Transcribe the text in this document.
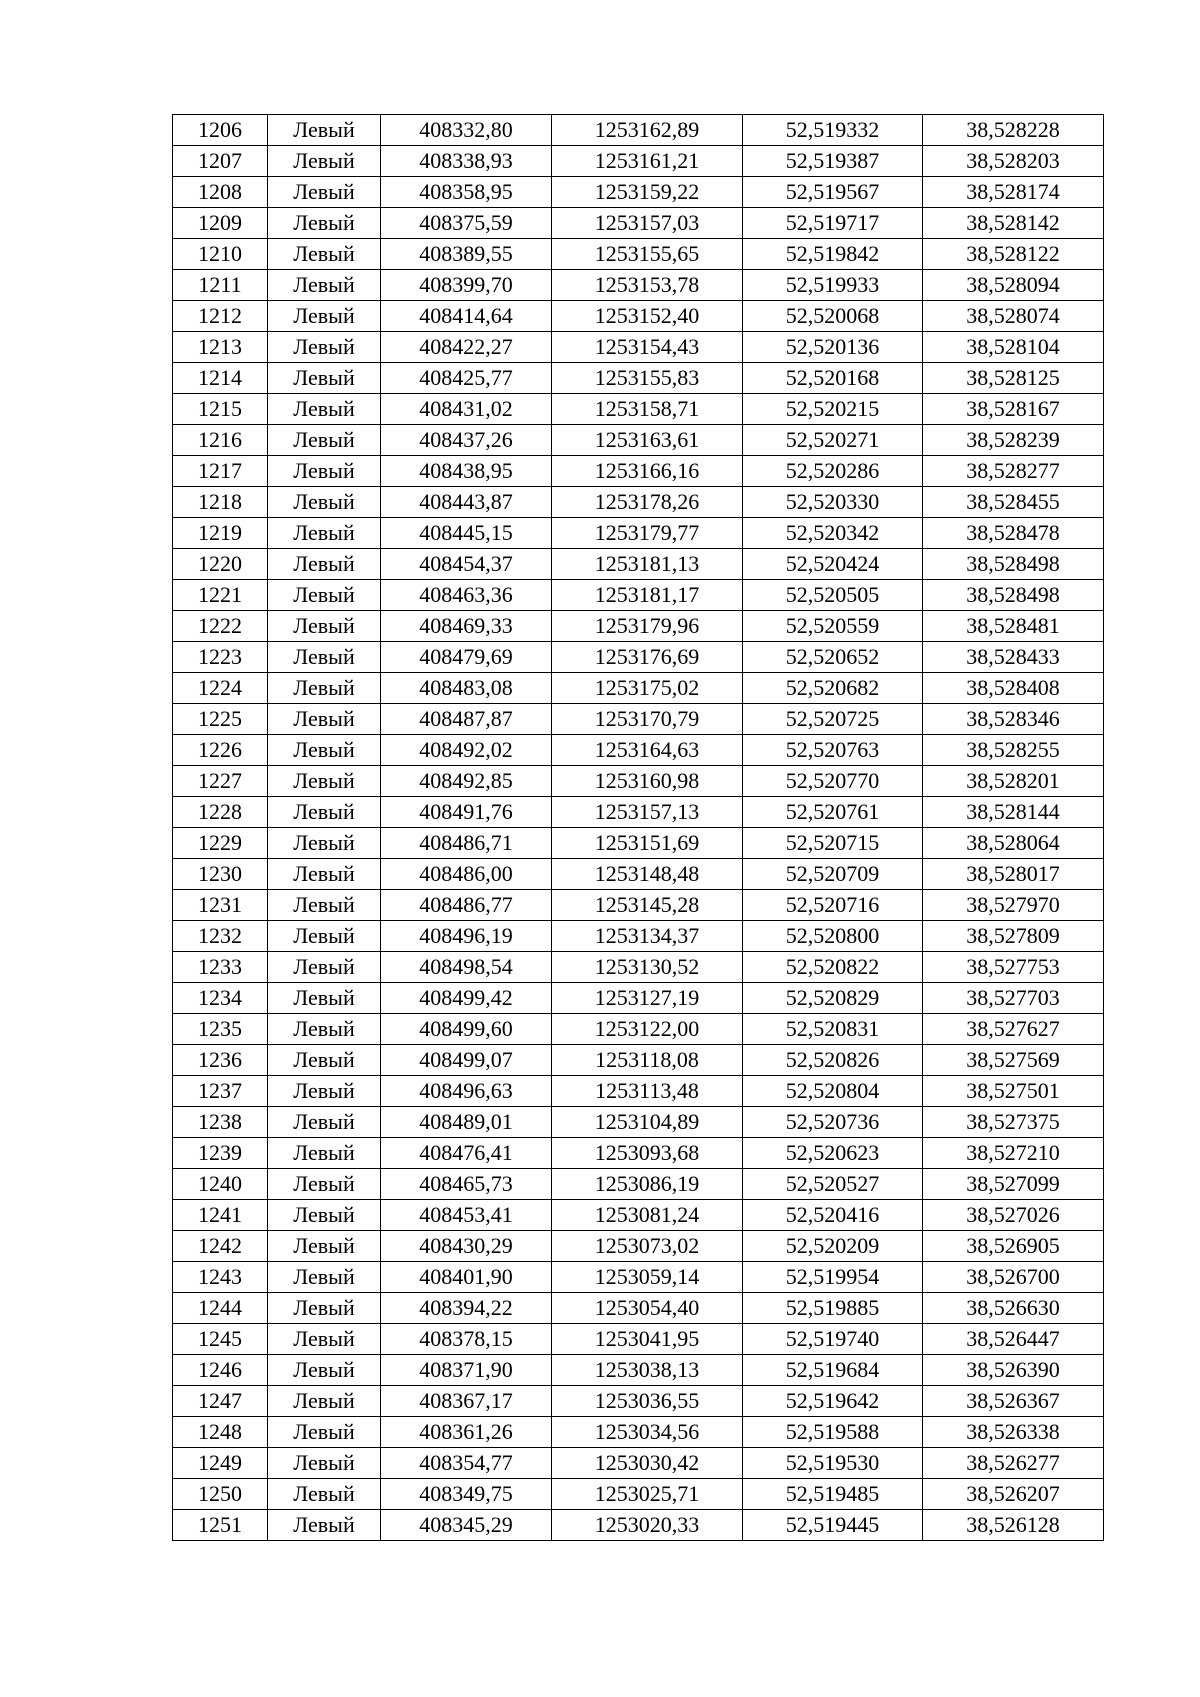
1206	Левый	408332,80	1253162,89	52,519332	38,528228
1207	Левый	408338,93	1253161,21	52,519387	38,528203
1208	Левый	408358,95	1253159,22	52,519567	38,528174
1209	Левый	408375,59	1253157,03	52,519717	38,528142
1210	Левый	408389,55	1253155,65	52,519842	38,528122
1211	Левый	408399,70	1253153,78	52,519933	38,528094
1212	Левый	408414,64	1253152,40	52,520068	38,528074
1213	Левый	408422,27	1253154,43	52,520136	38,528104
1214	Левый	408425,77	1253155,83	52,520168	38,528125
1215	Левый	408431,02	1253158,71	52,520215	38,528167
1216	Левый	408437,26	1253163,61	52,520271	38,528239
1217	Левый	408438,95	1253166,16	52,520286	38,528277
1218	Левый	408443,87	1253178,26	52,520330	38,528455
1219	Левый	408445,15	1253179,77	52,520342	38,528478
1220	Левый	408454,37	1253181,13	52,520424	38,528498
1221	Левый	408463,36	1253181,17	52,520505	38,528498
1222	Левый	408469,33	1253179,96	52,520559	38,528481
1223	Левый	408479,69	1253176,69	52,520652	38,528433
1224	Левый	408483,08	1253175,02	52,520682	38,528408
1225	Левый	408487,87	1253170,79	52,520725	38,528346
1226	Левый	408492,02	1253164,63	52,520763	38,528255
1227	Левый	408492,85	1253160,98	52,520770	38,528201
1228	Левый	408491,76	1253157,13	52,520761	38,528144
1229	Левый	408486,71	1253151,69	52,520715	38,528064
1230	Левый	408486,00	1253148,48	52,520709	38,528017
1231	Левый	408486,77	1253145,28	52,520716	38,527970
1232	Левый	408496,19	1253134,37	52,520800	38,527809
1233	Левый	408498,54	1253130,52	52,520822	38,527753
1234	Левый	408499,42	1253127,19	52,520829	38,527703
1235	Левый	408499,60	1253122,00	52,520831	38,527627
1236	Левый	408499,07	1253118,08	52,520826	38,527569
1237	Левый	408496,63	1253113,48	52,520804	38,527501
1238	Левый	408489,01	1253104,89	52,520736	38,527375
1239	Левый	408476,41	1253093,68	52,520623	38,527210
1240	Левый	408465,73	1253086,19	52,520527	38,527099
1241	Левый	408453,41	1253081,24	52,520416	38,527026
1242	Левый	408430,29	1253073,02	52,520209	38,526905
1243	Левый	408401,90	1253059,14	52,519954	38,526700
1244	Левый	408394,22	1253054,40	52,519885	38,526630
1245	Левый	408378,15	1253041,95	52,519740	38,526447
1246	Левый	408371,90	1253038,13	52,519684	38,526390
1247	Левый	408367,17	1253036,55	52,519642	38,526367
1248	Левый	408361,26	1253034,56	52,519588	38,526338
1249	Левый	408354,77	1253030,42	52,519530	38,526277
1250	Левый	408349,75	1253025,71	52,519485	38,526207
1251	Левый	408345,29	1253020,33	52,519445	38,526128
